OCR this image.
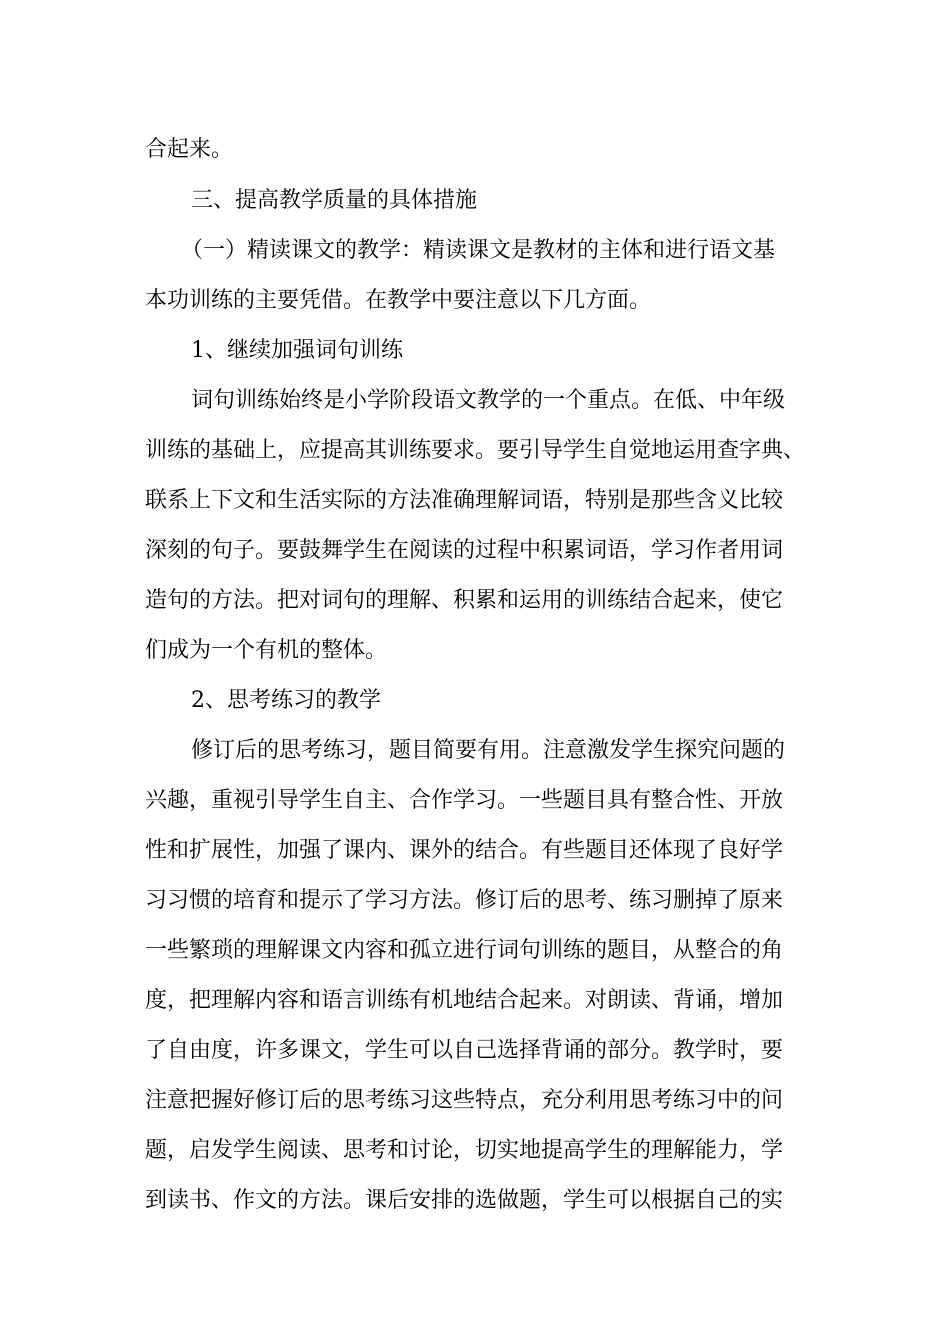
合起来。

三、提高教学质量的具体措施

（一）精读课文的教学：精读课文是教材的主体和进行语文基

本功训练的主要凭借。在教学中要注意以下几方面。

1、继续加强词句训练

词句训练始终是小学阶段语文教学的一个重点。在低、中年级

训练的基础上，应提高其训练要求。要引导学生自觉地运用查字典、

联系上下文和生活实际的方法准确理解词语，特别是那些含义比较

深刻的句子。要鼓舞学生在阅读的过程中积累词语，学习作者用词

造句的方法。把对词句的理解、积累和运用的训练结合起来，使它

们成为一个有机的整体。

2、思考练习的教学

修订后的思考练习，题目简要有用。注意激发学生探究问题的

兴趣，重视引导学生自主、合作学习。一些题目具有整合性、开放

性和扩展性，加强了课内、课外的结合。有些题目还体现了良好学

习习惯的培育和提示了学习方法。修订后的思考、练习删掉了原来

一些繁琐的理解课文内容和孤立进行词句训练的题目，从整合的角

度，把理解内容和语言训练有机地结合起来。对朗读、背诵，增加

了自由度，许多课文，学生可以自己选择背诵的部分。教学时，要

注意把握好修订后的思考练习这些特点，充分利用思考练习中的问

题，启发学生阅读、思考和讨论，切实地提高学生的理解能力，学

到读书、作文的方法。课后安排的选做题，学生可以根据自己的实
